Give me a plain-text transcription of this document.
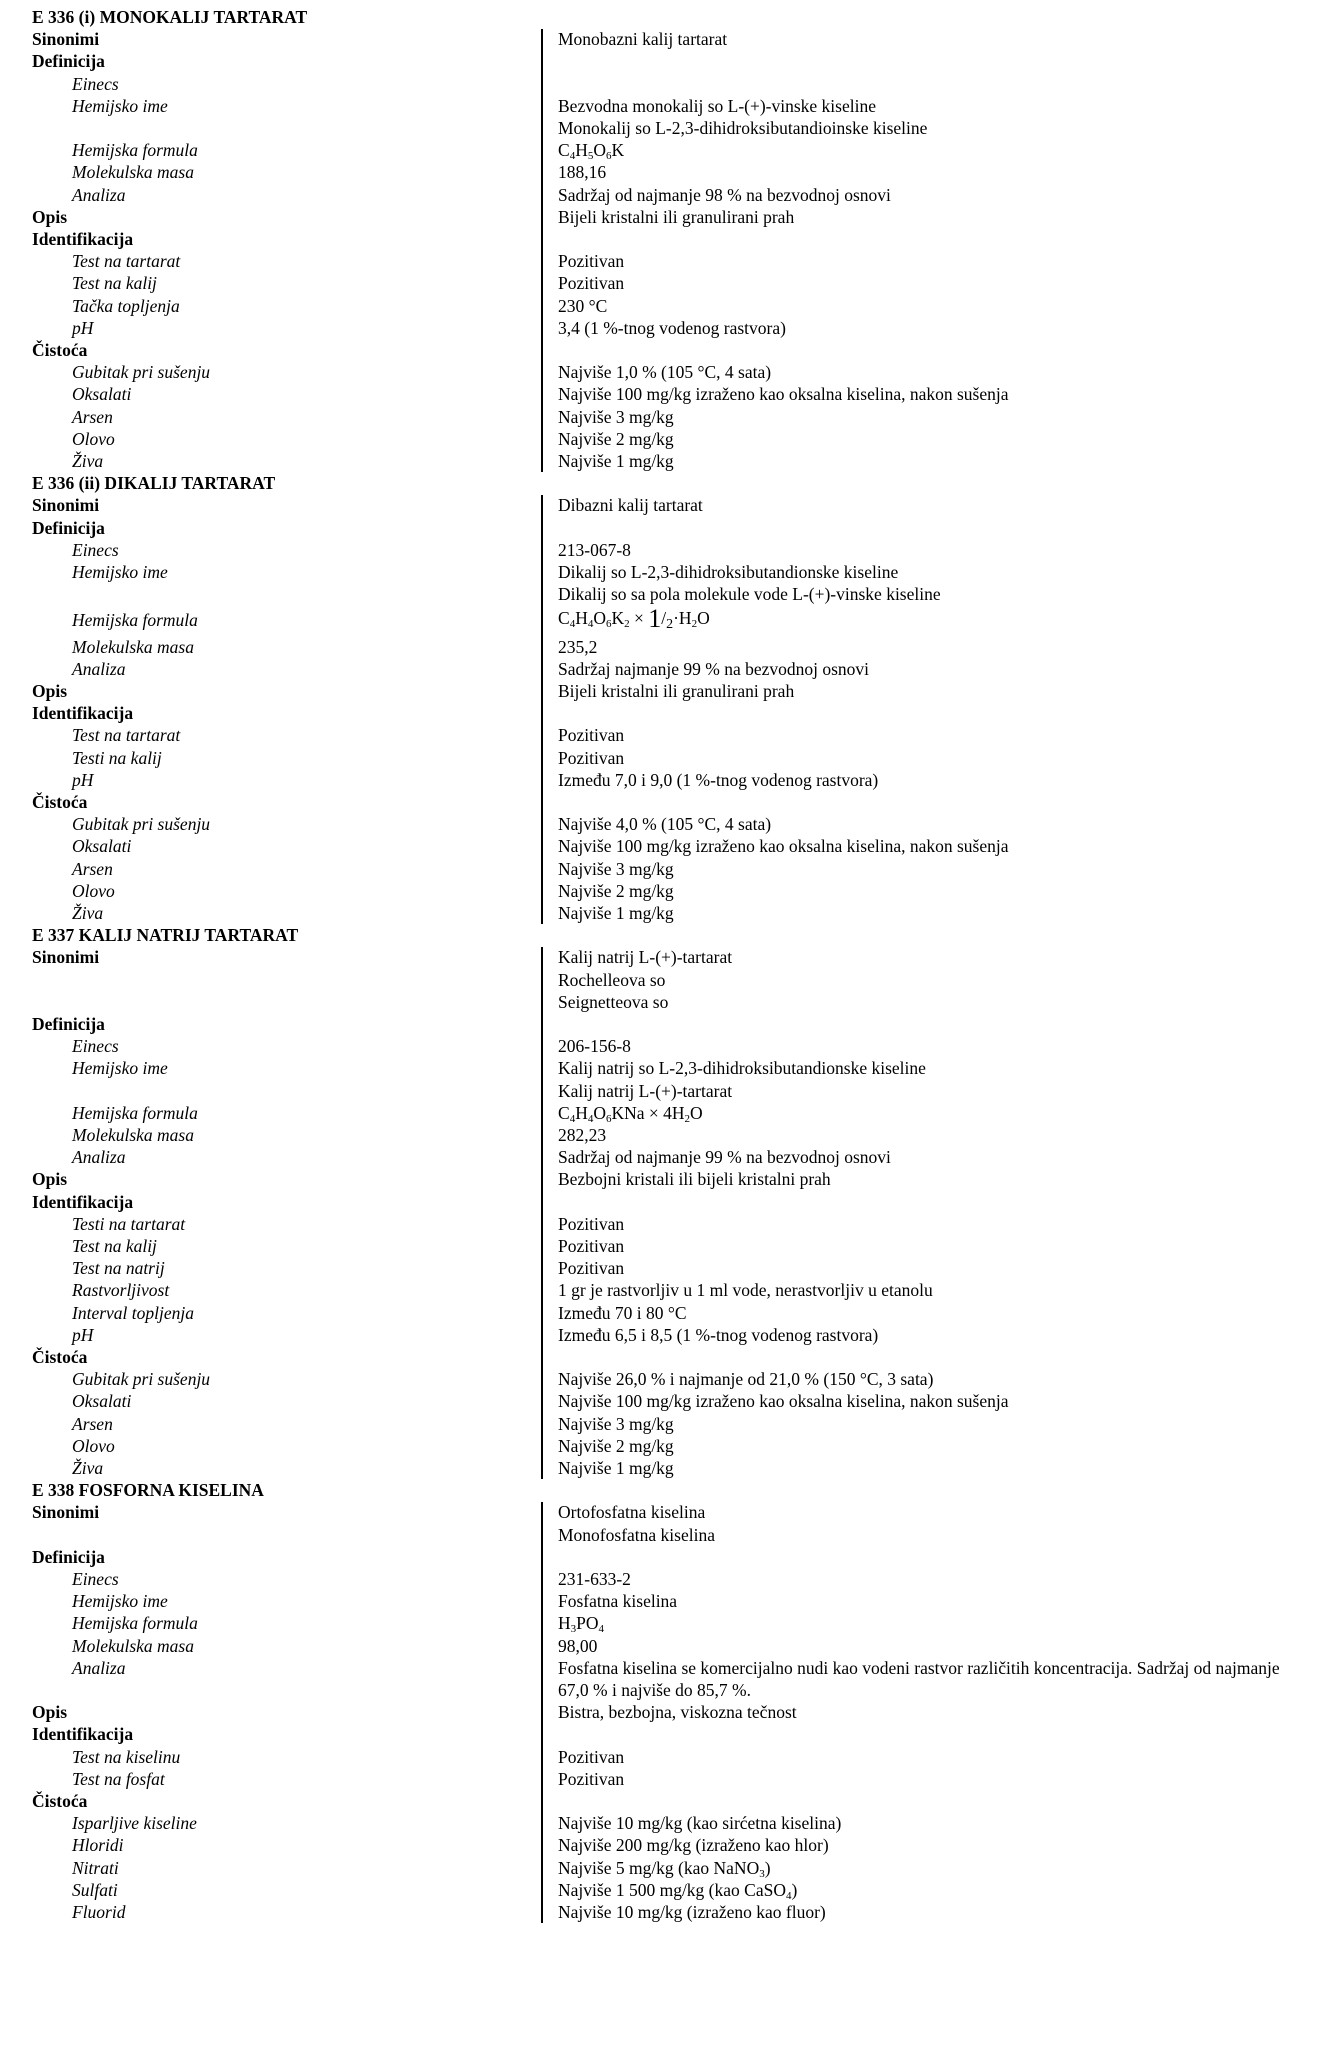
E 336 (i) MONOKALIJ TARTARAT
Sinonimi	Monobazni kalij tartarat
Definicija
Einecs
Hemijsko ime	Bezvodna monokalij so L-(+)-vinske kiseline
Monokalij so L-2,3-dihidroksibutandioinske kiseline
Hemijska formula	$C_4H_5O_6K$
Molekulska masa	188,16
Analiza	Sadržaj od najmanje 98 % na bezvodnoj osnovi
Opis	Bijeli kristalni ili granulirani prah
Identifikacija
Test na tartarat	Pozitivan
Test na kalij	Pozitivan
Tačka topljenja	230 °C
pH	3,4 (1 %-tnog vodenog rastvora)
Čistoća
Gubitak pri sušenju	Najviše 1,0 % (105 °C, 4 sata)
Oksalati	Najviše 100 mg/kg izraženo kao oksalna kiselina, nakon sušenja
Arsen	Najviše 3 mg/kg
Olovo	Najviše 2 mg/kg
Živa	Najviše 1 mg/kg
E 336 (ii) DIKALIJ TARTARAT
Sinonimi	Dibazni kalij tartarat
Definicija
Einecs	213-067-8
Hemijsko ime	Dikalij so L-2,3-dihidroksibutandionske kiseline
Dikalij so sa pola molekule vode L-(+)-vinske kiseline
Hemijska formula	$C_4H_4O_6K_2 \times 1/_2\cdot H_2O$
Molekulska masa	235,2
Analiza	Sadržaj najmanje 99 % na bezvodnoj osnovi
Opis	Bijeli kristalni ili granulirani prah
Identifikacija
Test na tartarat	Pozitivan
Testi na kalij	Pozitivan
pH	Između 7,0 i 9,0 (1 %-tnog vodenog rastvora)
Čistoća
Gubitak pri sušenju	Najviše 4,0 % (105 °C, 4 sata)
Oksalati	Najviše 100 mg/kg izraženo kao oksalna kiselina, nakon sušenja
Arsen	Najviše 3 mg/kg
Olovo	Najviše 2 mg/kg
Živa	Najviše 1 mg/kg
E 337 KALIJ NATRIJ TARTARAT
Sinonimi	Kalij natrij L-(+)-tartarat
Rochelleova so
Seignetteova so
Definicija
Einecs	206-156-8
Hemijsko ime	Kalij natrij so L-2,3-dihidroksibutandionske kiseline
Kalij natrij L-(+)-tartarat
Hemijska formula	$C_4H_4O_6KNa \times 4H_2O$
Molekulska masa	282,23
Analiza	Sadržaj od najmanje 99 % na bezvodnoj osnovi
Opis	Bezbojni kristali ili bijeli kristalni prah
Identifikacija
Testi na tartarat	Pozitivan
Test na kalij	Pozitivan
Test na natrij	Pozitivan
Rastvorljivost	1 gr je rastvorljiv u 1 ml vode, nerastvorljiv u etanolu
Interval topljenja	Između 70 i 80 °C
pH	Između 6,5 i 8,5 (1 %-tnog vodenog rastvora)
Čistoća
Gubitak pri sušenju	Najviše 26,0 % i najmanje od 21,0 % (150 °C, 3 sata)
Oksalati	Najviše 100 mg/kg izraženo kao oksalna kiselina, nakon sušenja
Arsen	Najviše 3 mg/kg
Olovo	Najviše 2 mg/kg
Živa	Najviše 1 mg/kg
E 338 FOSFORNA KISELINA
Sinonimi	Ortofosfatna kiselina
Monofosfatna kiselina
Definicija
Einecs	231-633-2
Hemijsko ime	Fosfatna kiselina
Hemijska formula	$H_3PO_4$
Molekulska masa	98,00
Analiza	Fosfatna kiselina se komercijalno nudi kao vodeni rastvor različitih koncentracija. Sadržaj od najmanje 67,0 % i najviše do 85,7 %.
Opis	Bistra, bezbojna, viskozna tečnost
Identifikacija
Test na kiselinu	Pozitivan
Test na fosfat	Pozitivan
Čistoća
Isparljive kiseline	Najviše 10 mg/kg (kao sirćetna kiselina)
Hloridi	Najviše 200 mg/kg (izraženo kao hlor)
Nitrati	Najviše 5 mg/kg (kao NaNO$_3$)
Sulfati	Najviše 1 500 mg/kg (kao CaSO$_4$)
Fluorid	Najviše 10 mg/kg (izraženo kao fluor)
